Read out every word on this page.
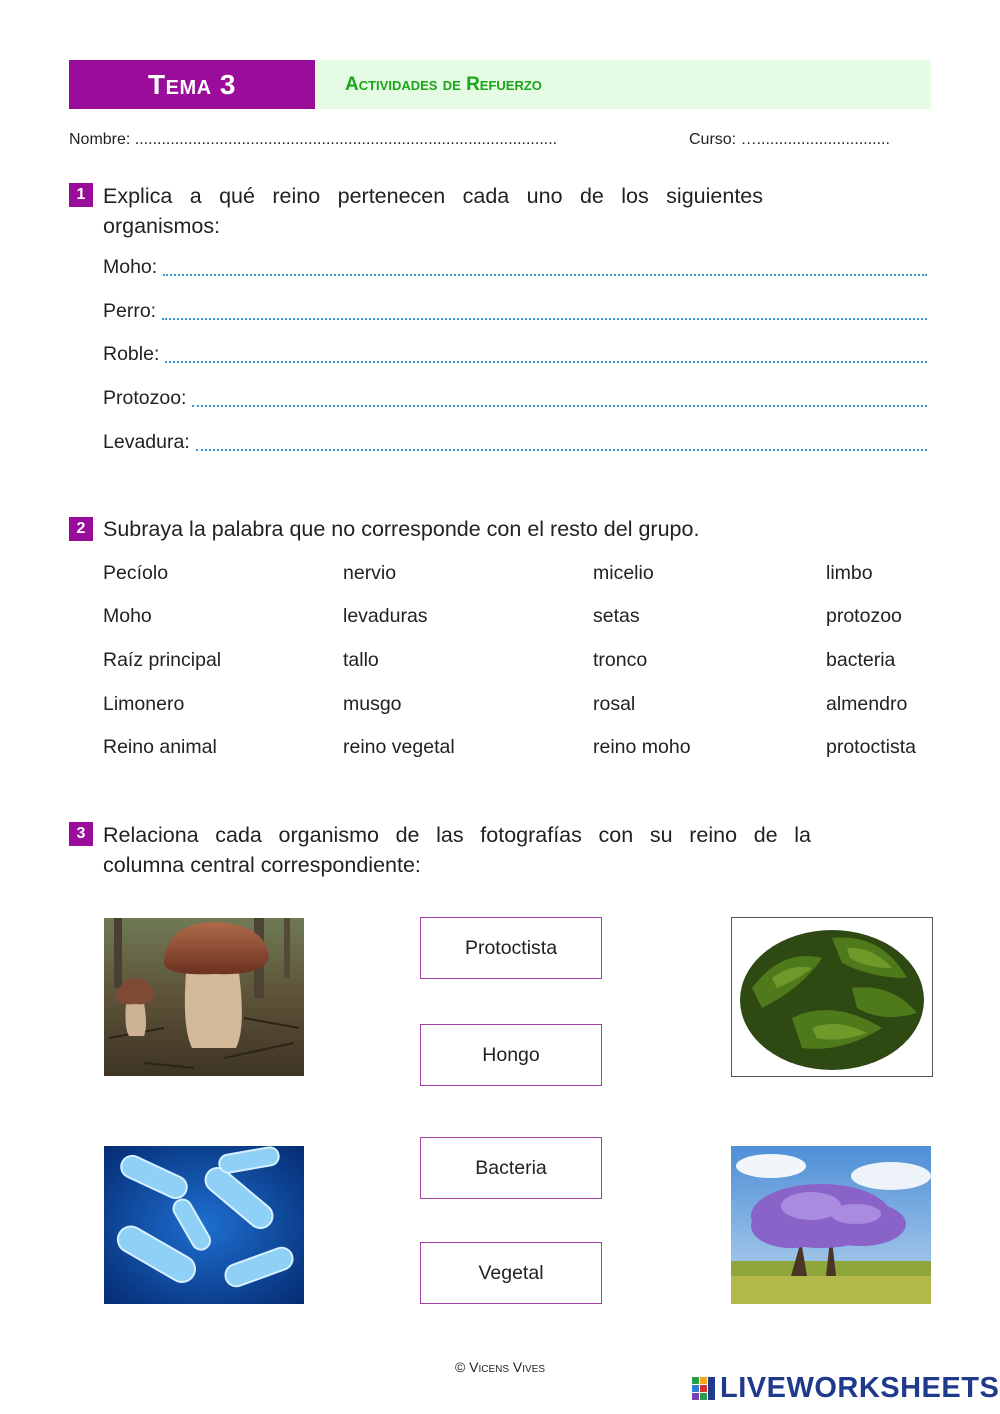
Tema 3	Actividades de Refuerzo
Nombre: ...............................................................................................	Curso: …..............................
1 Explica a qué reino pertenecen cada uno de los siguientes
organismos:
Moho:
Perro:
Roble:
Protozoo:
Levadura:
2 Subraya la palabra que no corresponde con el resto del grupo.
Pecíolo	nervio	micelio	limbo
Moho	levaduras	setas	protozoo
Raíz principal	tallo	tronco	bacteria
Limonero	musgo	rosal	almendro
Reino animal	reino vegetal	reino moho	protoctista
3 Relaciona cada organismo de las fotografías con su reino de la
columna central correspondiente:
Protoctista
Hongo
Bacteria
Vegetal
© Vicens Vives
LIVEWORKSHEETS
